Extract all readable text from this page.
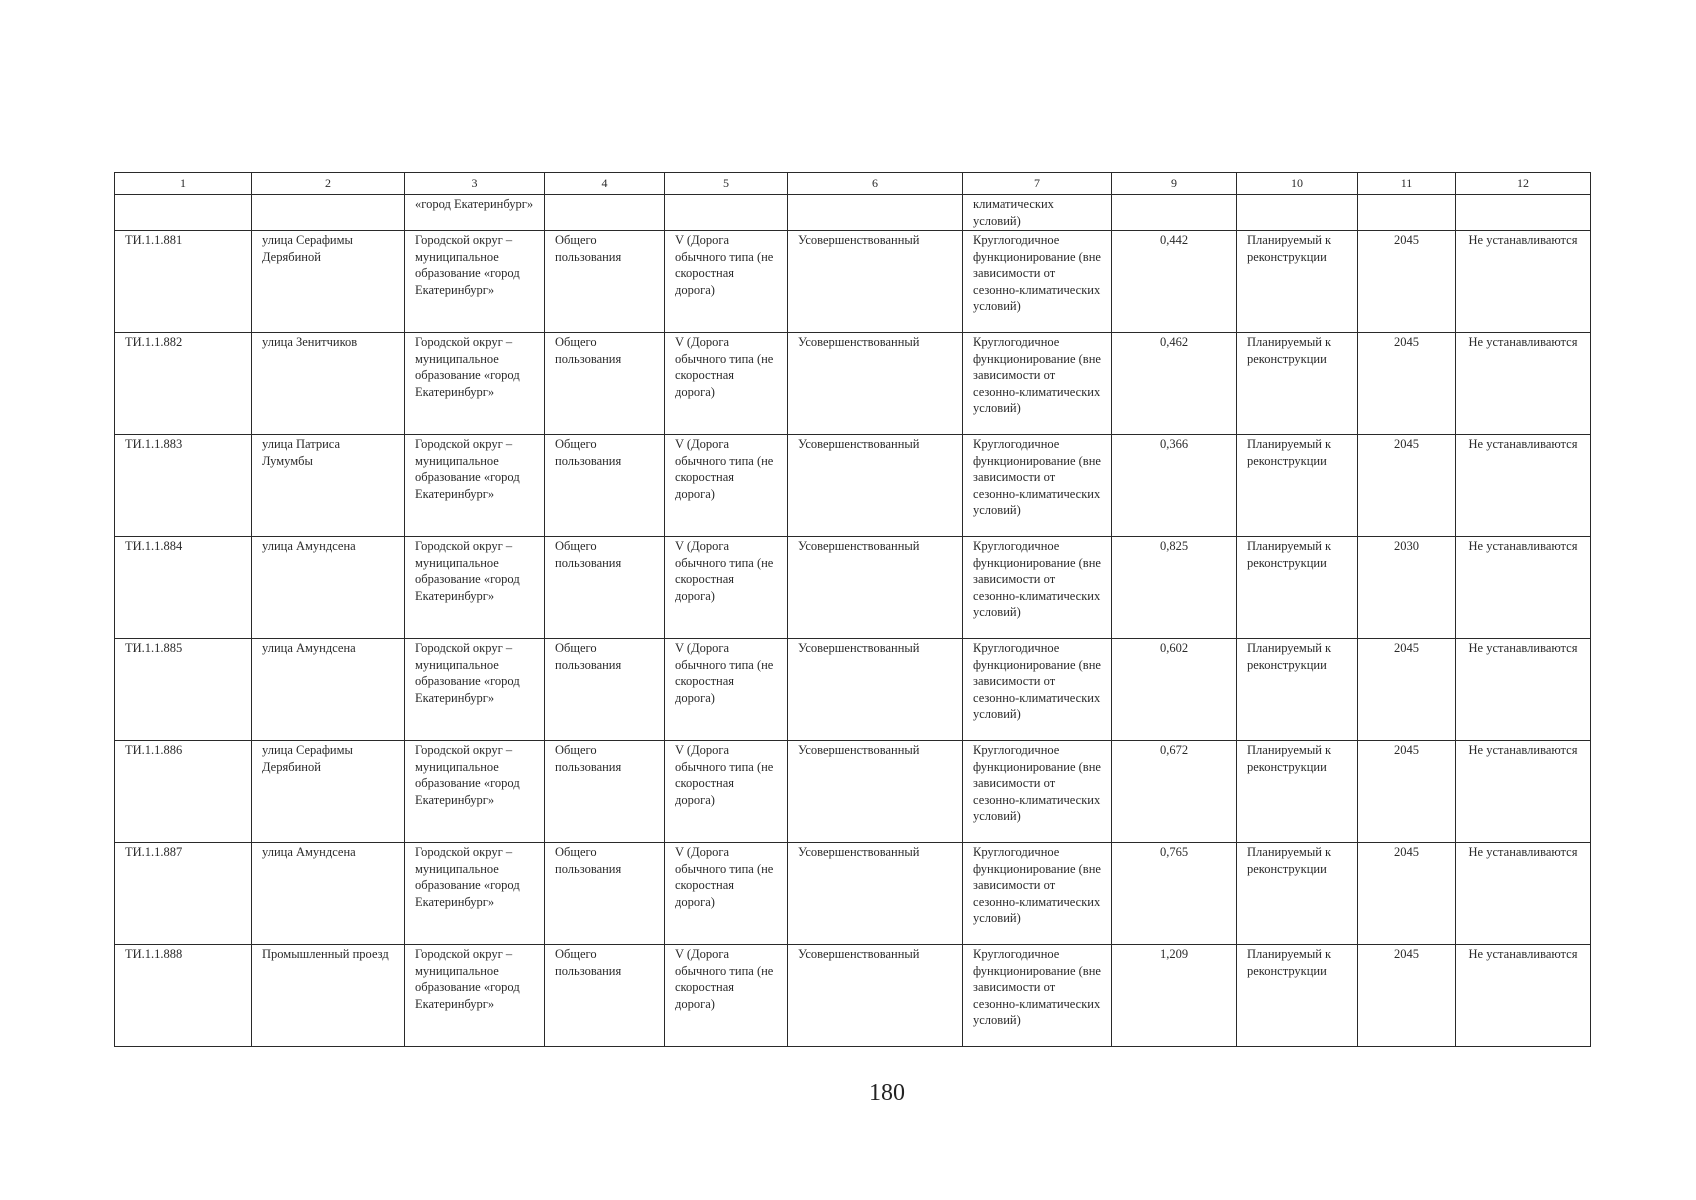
1	2	3	4	5	6	7	9	10	11	12
		«город Екатеринбург»				климатических условий)				
ТИ.1.1.881	улица Серафимы Дерябиной	Городской округ – муниципальное образование «город Екатеринбург»	Общего пользования	V (Дорога обычного типа (не скоростная дорога)	Усовершенствованный	Круглогодичное функционирование (вне зависимости от сезонно-климатических условий)	0,442	Планируемый к реконструкции	2045	Не устанавливаются
ТИ.1.1.882	улица Зенитчиков	Городской округ – муниципальное образование «город Екатеринбург»	Общего пользования	V (Дорога обычного типа (не скоростная дорога)	Усовершенствованный	Круглогодичное функционирование (вне зависимости от сезонно-климатических условий)	0,462	Планируемый к реконструкции	2045	Не устанавливаются
ТИ.1.1.883	улица Патриса Лумумбы	Городской округ – муниципальное образование «город Екатеринбург»	Общего пользования	V (Дорога обычного типа (не скоростная дорога)	Усовершенствованный	Круглогодичное функционирование (вне зависимости от сезонно-климатических условий)	0,366	Планируемый к реконструкции	2045	Не устанавливаются
ТИ.1.1.884	улица Амундсена	Городской округ – муниципальное образование «город Екатеринбург»	Общего пользования	V (Дорога обычного типа (не скоростная дорога)	Усовершенствованный	Круглогодичное функционирование (вне зависимости от сезонно-климатических условий)	0,825	Планируемый к реконструкции	2030	Не устанавливаются
ТИ.1.1.885	улица Амундсена	Городской округ – муниципальное образование «город Екатеринбург»	Общего пользования	V (Дорога обычного типа (не скоростная дорога)	Усовершенствованный	Круглогодичное функционирование (вне зависимости от сезонно-климатических условий)	0,602	Планируемый к реконструкции	2045	Не устанавливаются
ТИ.1.1.886	улица Серафимы Дерябиной	Городской округ – муниципальное образование «город Екатеринбург»	Общего пользования	V (Дорога обычного типа (не скоростная дорога)	Усовершенствованный	Круглогодичное функционирование (вне зависимости от сезонно-климатических условий)	0,672	Планируемый к реконструкции	2045	Не устанавливаются
ТИ.1.1.887	улица Амундсена	Городской округ – муниципальное образование «город Екатеринбург»	Общего пользования	V (Дорога обычного типа (не скоростная дорога)	Усовершенствованный	Круглогодичное функционирование (вне зависимости от сезонно-климатических условий)	0,765	Планируемый к реконструкции	2045	Не устанавливаются
ТИ.1.1.888	Промышленный проезд	Городской округ – муниципальное образование «город Екатеринбург»	Общего пользования	V (Дорога обычного типа (не скоростная дорога)	Усовершенствованный	Круглогодичное функционирование (вне зависимости от сезонно-климатических условий)	1,209	Планируемый к реконструкции	2045	Не устанавливаются
180
